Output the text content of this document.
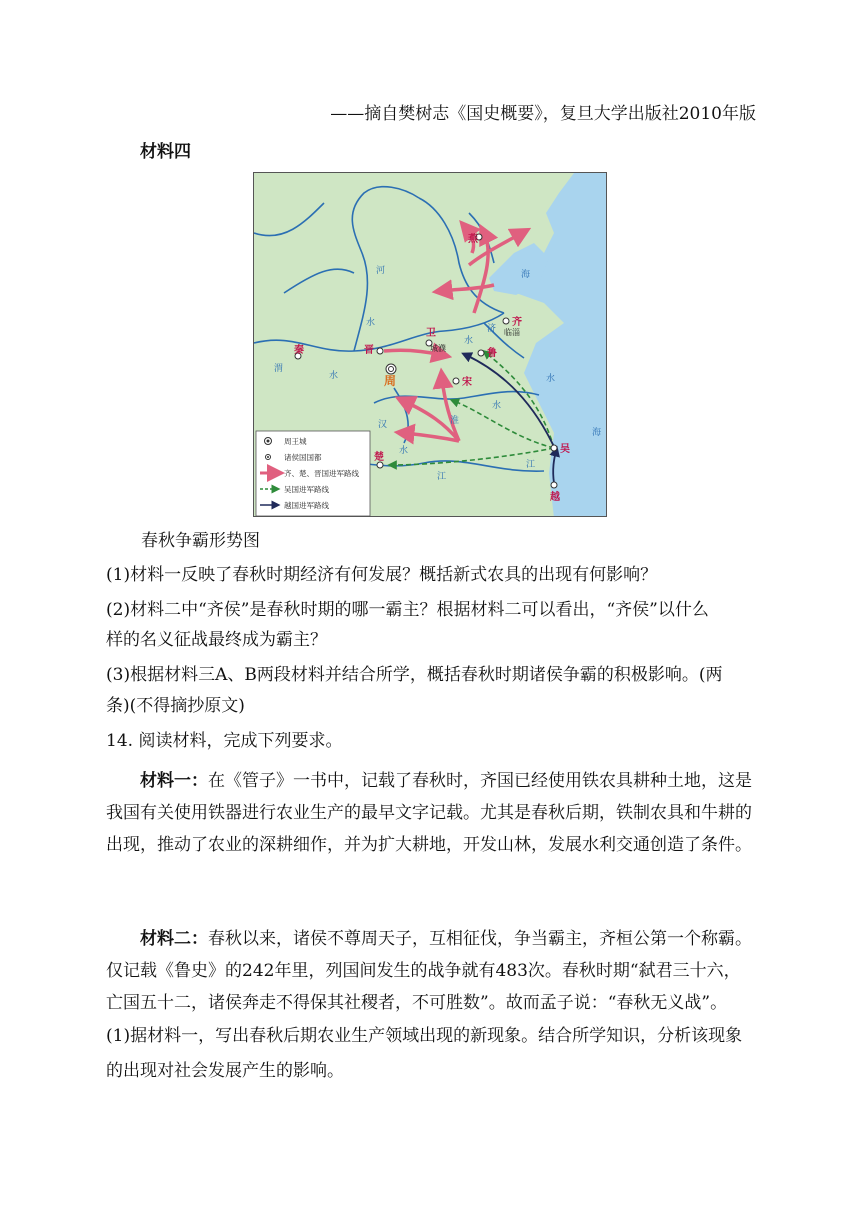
——摘自樊树志《国史概要》，复旦大学出版社2010年版
材料四
燕
齐
卫
晋
秦	鲁
宋
吴
越
楚
周
临淄
城濮
海
海
河
水
水
渭
济
水
淮
水
汉
水
江
江
水
周王城
诸侯国国都
齐、楚、晋国进军路线
吴国进军路线
越国进军路线
春秋争霸形势图
(1)材料一反映了春秋时期经济有何发展？概括新式农具的出现有何影响？
(2)材料二中“齐侯”是春秋时期的哪一霸主？根据材料二可以看出，“齐侯”以什么
样的名义征战最终成为霸主？
(3)根据材料三A、B两段材料并结合所学，概括春秋时期诸侯争霸的积极影响。(两
条)(不得摘抄原文)
14. 阅读材料，完成下列要求。
材料一：在《管子》一书中，记载了春秋时，齐国已经使用铁农具耕种土地，这是我国有关使用铁器进行农业生产的最早文字记载。尤其是春秋后期，铁制农具和牛耕的出现，推动了农业的深耕细作，并为扩大耕地，开发山林，发展水利交通创造了条件。
材料二：春秋以来，诸侯不尊周天子，互相征伐，争当霸主，齐桓公第一个称霸。仅记载《鲁史》的242年里，列国间发生的战争就有483次。春秋时期“弑君三十六，亡国五十二，诸侯奔走不得保其社稷者，不可胜数”。故而孟子说：“春秋无义战”。
(1)据材料一，写出春秋后期农业生产领域出现的新现象。结合所学知识，分析该现象
的出现对社会发展产生的影响。
